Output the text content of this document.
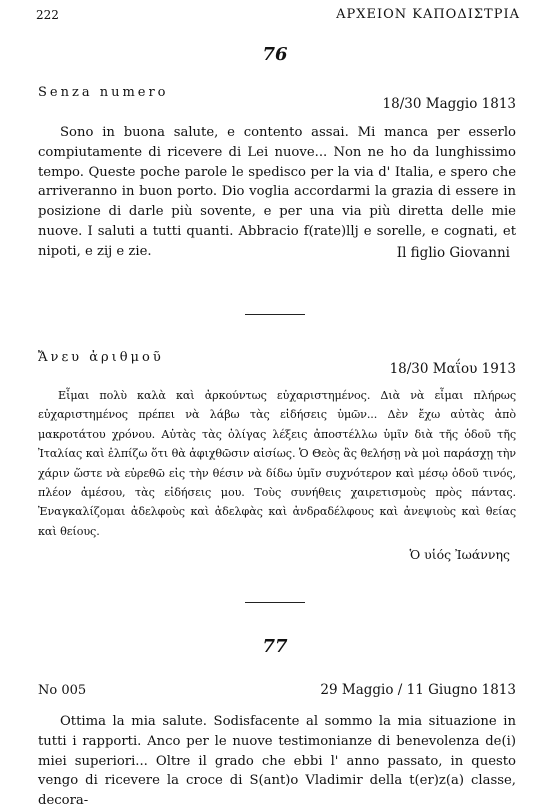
222	ΑΡΧΕΙΟΝ ΚΑΠΟΔΙΣΤΡΙΑ
76
Senza numero
18/30 Maggio 1813
Sono in buona salute, e contento assai. Mi manca per esserlo compiutamente di ricevere di Lei nuove... Non ne ho da lunghissimo tempo. Queste poche parole le spedisco per la via d' Italia, e spero che arriveranno in buon porto. Dio voglia accordarmi la grazia di essere in posizione di darle più sovente, e per una via più diretta delle mie nuove. I saluti a tutti quanti. Abbracio f(rate)llj e sorelle, e cognati, et nipoti, e zij e zie.	Il figlio Giovanni
Ἄνευ ἀριθμοῦ
18/30 Μαΐου 1913
Εἶμαι πολὺ καλὰ καὶ ἀρκούντως εὐχαριστημένος. Διὰ νὰ εἶμαι πλήρως εὐχαριστημένος πρέπει νὰ λάβω τὰς εἰδήσεις ὑμῶν... Δὲν ἔχω αὐτὰς ἀπὸ μακροτάτου χρόνου. Αὐτὰς τὰς ὀλίγας λέξεις ἀποστέλλω ὑμῖν διὰ τῆς ὁδοῦ τῆς Ἰταλίας καὶ ἐλπίζω ὅτι θὰ ἀφιχθῶσιν αἰσίως. Ὁ Θεὸς ἂς θελήσῃ νὰ μοὶ παράσχῃ τὴν χάριν ὥστε νὰ εὑρεθῶ εἰς τὴν θέσιν νὰ δίδω ὑμῖν συχνότερον καὶ μέσῳ ὁδοῦ τινός, πλέον ἀμέσου, τὰς εἰδήσεις μου. Τοὺς συνήθεις χαιρετισμοὺς πρὸς πάντας. Ἐναγκαλίζομαι ἀδελφοὺς καὶ ἀδελφὰς καὶ ἀνδραδέλφους καὶ ἀνεψιοὺς καὶ θείας καὶ θείους.
Ὁ υἱός Ἰωάννης
77
No 005	29 Maggio / 11 Giugno 1813
Ottima la mia salute. Sodisfacente al sommo la mia situazione in tutti i rapporti. Anco per le nuove testimonianze di benevolenza de(i) miei superiori... Oltre il grado che ebbi l' anno passato, in questo vengo di ricevere la croce di S(ant)o Vladimir della t(er)z(a) classe, decora-
